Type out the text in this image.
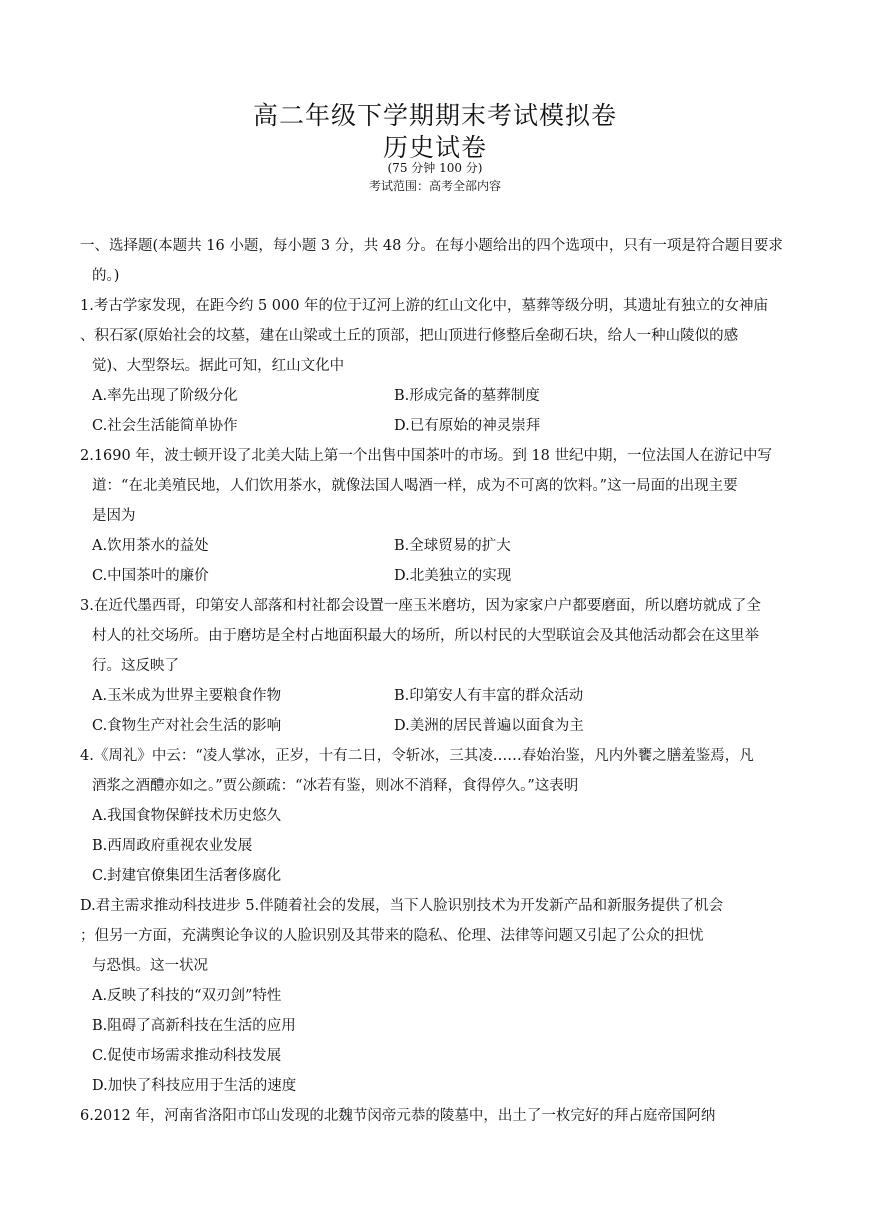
高二年级下学期期末考试模拟卷
历史试卷
(75 分钟 100 分)
考试范围：高考全部内容
一、选择题(本题共 16 小题，每小题 3 分，共 48 分。在每小题给出的四个选项中，只有一项是符合题目要求
的。)
1.考古学家发现，在距今约 5 000 年的位于辽河上游的红山文化中，墓葬等级分明，其遗址有独立的女神庙
、积石冢(原始社会的坟墓，建在山梁或土丘的顶部，把山顶进行修整后垒砌石块，给人一种山陵似的感
觉)、大型祭坛。据此可知，红山文化中
A.率先出现了阶级分化	B.形成完备的墓葬制度
C.社会生活能简单协作	D.已有原始的神灵崇拜
2.1690 年，波士顿开设了北美大陆上第一个出售中国茶叶的市场。到 18 世纪中期，一位法国人在游记中写
道：“在北美殖民地，人们饮用茶水，就像法国人喝酒一样，成为不可离的饮料。”这一局面的出现主要
是因为
A.饮用茶水的益处	B.全球贸易的扩大
C.中国茶叶的廉价	D.北美独立的实现
3.在近代墨西哥，印第安人部落和村社都会设置一座玉米磨坊，因为家家户户都要磨面，所以磨坊就成了全
村人的社交场所。由于磨坊是全村占地面积最大的场所，所以村民的大型联谊会及其他活动都会在这里举
行。这反映了
A.玉米成为世界主要粮食作物	B.印第安人有丰富的群众活动
C.食物生产对社会生活的影响	D.美洲的居民普遍以面食为主
4.《周礼》中云：“凌人掌冰，正岁，十有二日，令斩冰，三其凌……春始治鉴，凡内外饔之膳羞鉴焉，凡
酒浆之酒醴亦如之。”贾公颜疏：“冰若有鉴，则冰不消释，食得停久。”这表明
A.我国食物保鲜技术历史悠久
B.西周政府重视农业发展
C.封建官僚集团生活奢侈腐化
D.君主需求推动科技进步 5.伴随着社会的发展，当下人脸识别技术为开发新产品和新服务提供了机会
；但另一方面，充满舆论争议的人脸识别及其带来的隐私、伦理、法律等问题又引起了公众的担忧
与恐惧。这一状况
A.反映了科技的“双刃剑”特性
B.阻碍了高新科技在生活的应用
C.促使市场需求推动科技发展
D.加快了科技应用于生活的速度
6.2012 年，河南省洛阳市邙山发现的北魏节闵帝元恭的陵墓中，出土了一枚完好的拜占庭帝国阿纳
